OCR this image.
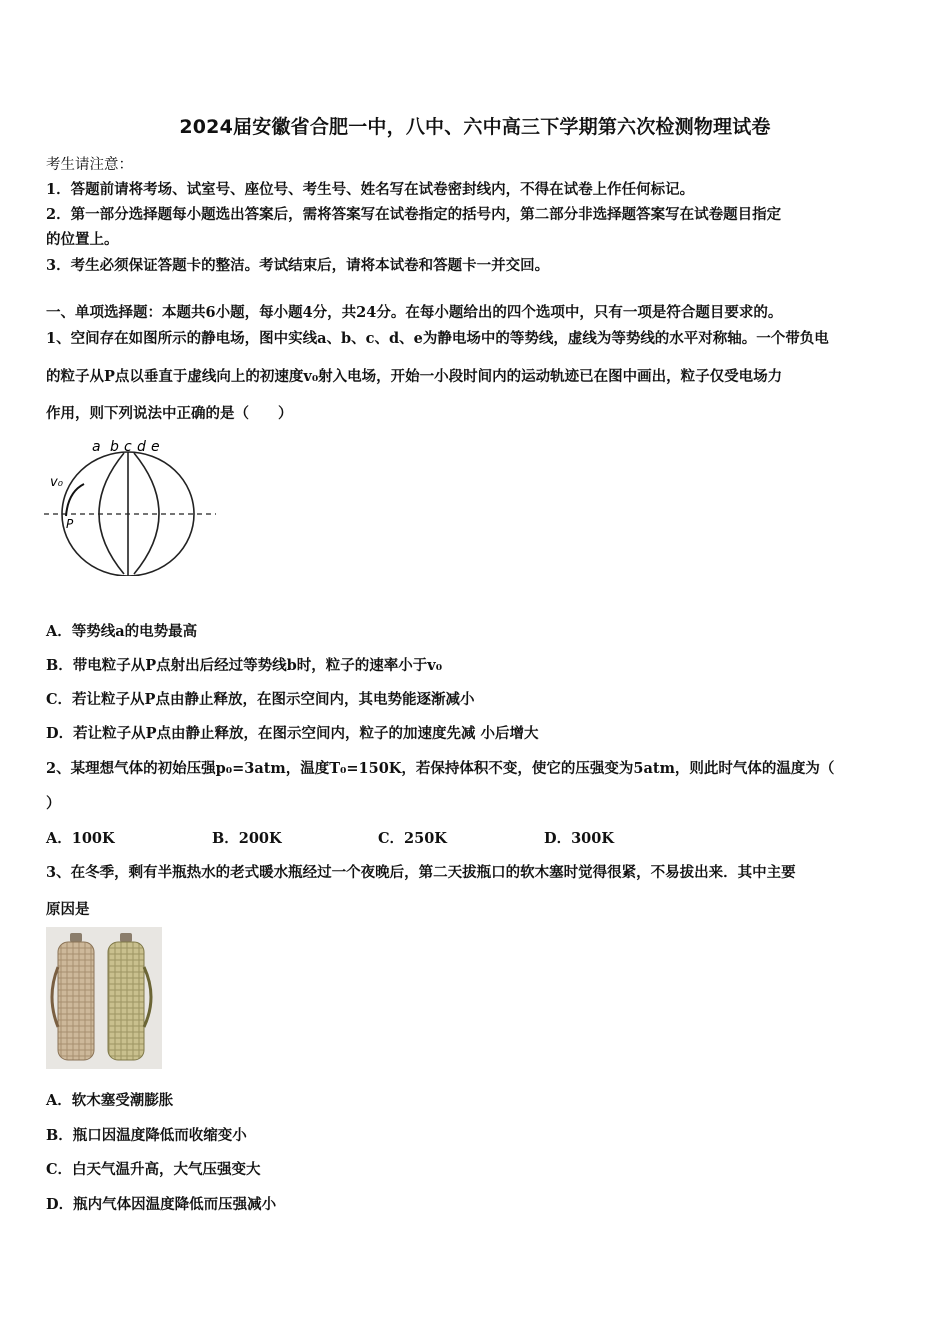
2024届安徽省合肥一中，八中、六中高三下学期第六次检测物理试卷
考生请注意：
1．答题前请将考场、试室号、座位号、考生号、姓名写在试卷密封线内，不得在试卷上作任何标记。
2．第一部分选择题每小题选出答案后，需将答案写在试卷指定的括号内，第二部分非选择题答案写在试卷题目指定
的位置上。
3．考生必须保证答题卡的整洁。考试结束后，请将本试卷和答题卡一并交回。
一、单项选择题：本题共6小题，每小题4分，共24分。在每小题给出的四个选项中，只有一项是符合题目要求的。
1、空间存在如图所示的静电场，图中实线a、b、c、d、e为静电场中的等势线，虚线为等势线的水平对称轴。一个带负电
的粒子从P点以垂直于虚线向上的初速度v₀射入电场，开始一小段时间内的运动轨迹已在图中画出，粒子仅受电场力
作用，则下列说法中正确的是（　　）
a b c d e
v₀
P
A．等势线a的电势最高
B．带电粒子从P点射出后经过等势线b时，粒子的速率小于v₀
C．若让粒子从P点由静止释放，在图示空间内，其电势能逐渐减小
D．若让粒子从P点由静止释放，在图示空间内，粒子的加速度先减 小后增大
2、某理想气体的初始压强p₀=3atm，温度T₀=150K，若保持体积不变，使它的压强变为5atm，则此时气体的温度为（
）
A．100K	B．200K	C．250K	D．300K
3、在冬季，剩有半瓶热水的老式暖水瓶经过一个夜晚后，第二天拔瓶口的软木塞时觉得很紧，不易拔出来．其中主要
原因是
A．软木塞受潮膨胀
B．瓶口因温度降低而收缩变小
C．白天气温升高，大气压强变大
D．瓶内气体因温度降低而压强减小
